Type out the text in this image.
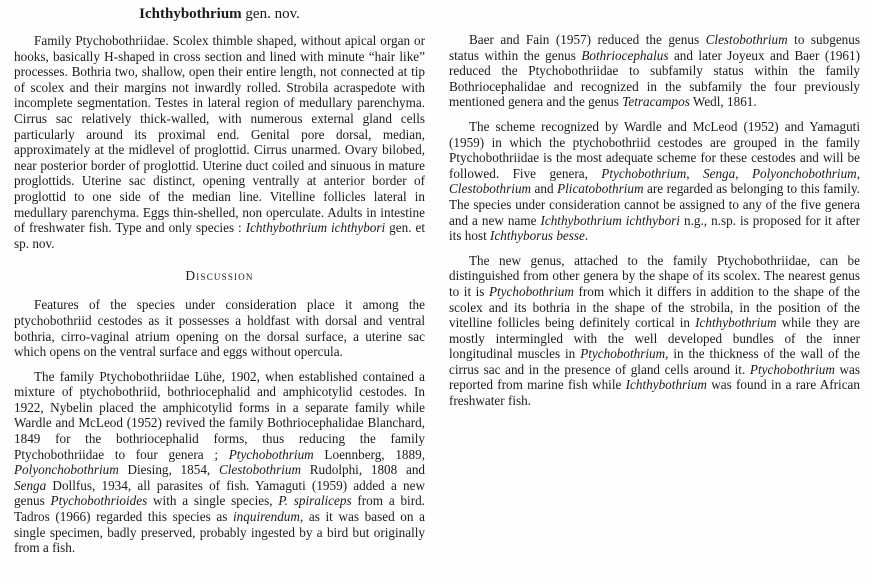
Ichthybothrium gen. nov.

Family Ptychobothriidae. Scolex thimble shaped, without apical organ or hooks, basically H-shaped in cross section and lined with minute “hair like” processes. Bothria two, shallow, open their entire length, not connected at tip of scolex and their margins not inwardly rolled. Strobila acraspedote with incomplete segmentation. Testes in lateral region of medullary parenchyma. Cirrus sac relatively thick-walled, with numerous external gland cells particularly around its proximal end. Genital pore dorsal, median, approximately at the midlevel of proglottid. Cirrus unarmed. Ovary bilobed, near posterior border of proglottid. Uterine duct coiled and sinuous in mature proglottids. Uterine sac distinct, opening ventrally at anterior border of proglottid to one side of the median line. Vitelline follicles lateral in medullary parenchyma. Eggs thin-shelled, non operculate. Adults in intestine of freshwater fish. Type and only species : Ichthybothrium ichthybori gen. et sp. nov.

Discussion

Features of the species under consideration place it among the ptychobothriid cestodes as it possesses a holdfast with dorsal and ventral bothria, cirro-vaginal atrium opening on the dorsal surface, a uterine sac which opens on the ventral surface and eggs without opercula.

The family Ptychobothriidae Lühe, 1902, when established contained a mixture of ptychobothriid, bothriocephalid and amphicotylid cestodes. In 1922, Nybelin placed the amphicotylid forms in a separate family while Wardle and McLeod (1952) revived the family Bothriocephalidae Blanchard, 1849 for the bothriocephalid forms, thus reducing the family Ptychobothriidae to four genera ; Ptychobothrium Loennberg, 1889, Polyonchobothrium Diesing, 1854, Clestobothrium Rudolphi, 1808 and Senga Dollfus, 1934, all parasites of fish. Yamaguti (1959) added a new genus Ptychobothrioides with a single species, P. spiraliceps from a bird. Tadros (1966) regarded this species as inquirendum, as it was based on a single specimen, badly preserved, probably ingested by a bird but originally from a fish.

Baer and Fain (1957) reduced the genus Clestobothrium to subgenus status within the genus Bothriocephalus and later Joyeux and Baer (1961) reduced the Ptychobothriidae to subfamily status within the family Bothriocephalidae and recognized in the subfamily the four previously mentioned genera and the genus Tetracampos Wedl, 1861.

The scheme recognized by Wardle and McLeod (1952) and Yamaguti (1959) in which the ptychobothriid cestodes are grouped in the family Ptychobothriidae is the most adequate scheme for these cestodes and will be followed. Five genera, Ptychobothrium, Senga, Polyonchobothrium, Clestobothrium and Plicatobothrium are regarded as belonging to this family. The species under consideration cannot be assigned to any of the five genera and a new name Ichthybothrium ichthybori n.g., n.sp. is proposed for it after its host Ichthyborus besse.

The new genus, attached to the family Ptychobothriidae, can be distinguished from other genera by the shape of its scolex. The nearest genus to it is Ptychobothrium from which it differs in addition to the shape of the scolex and its bothria in the shape of the strobila, in the position of the vitelline follicles being definitely cortical in Ichthybothrium while they are mostly intermingled with the well developed bundles of the inner longitudinal muscles in Ptychobothrium, in the thickness of the wall of the cirrus sac and in the presence of gland cells around it. Ptychobothrium was reported from marine fish while Ichthybothrium was found in a rare African freshwater fish.
